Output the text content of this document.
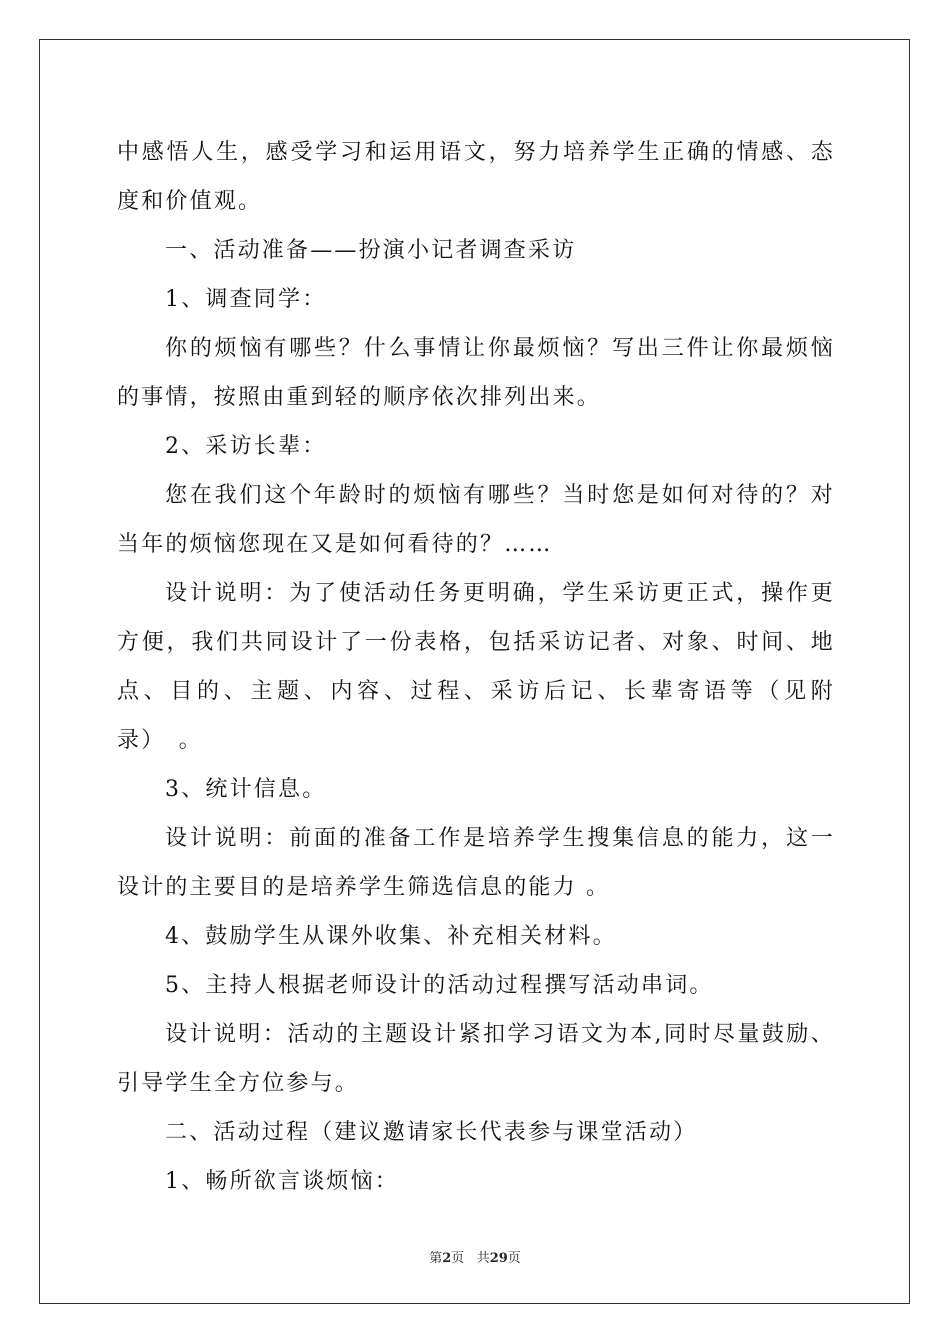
中感悟人生，感受学习和运用语文，努力培养学生正确的情感、态度和价值观。

一、活动准备——扮演小记者调查采访

1、调查同学：

你的烦恼有哪些？什么事情让你最烦恼？写出三件让你最烦恼的事情，按照由重到轻的顺序依次排列出来。

2、采访长辈：

您在我们这个年龄时的烦恼有哪些？当时您是如何对待的？对当年的烦恼您现在又是如何看待的？……

设计说明：为了使活动任务更明确，学生采访更正式，操作更方便，我们共同设计了一份表格，包括采访记者、对象、时间、地点、目的、主题、内容、过程、采访后记、长辈寄语等（见附录）　。

3、统计信息。

设计说明：前面的准备工作是培养学生搜集信息的能力，这一设计的主要目的是培养学生筛选信息的能力 。

4、鼓励学生从课外收集、补充相关材料。

5、主持人根据老师设计的活动过程撰写活动串词。

设计说明：活动的主题设计紧扣学习语文为本,同时尽量鼓励、引导学生全方位参与。

二、活动过程（建议邀请家长代表参与课堂活动）

1、畅所欲言谈烦恼：

第2页 共29页
